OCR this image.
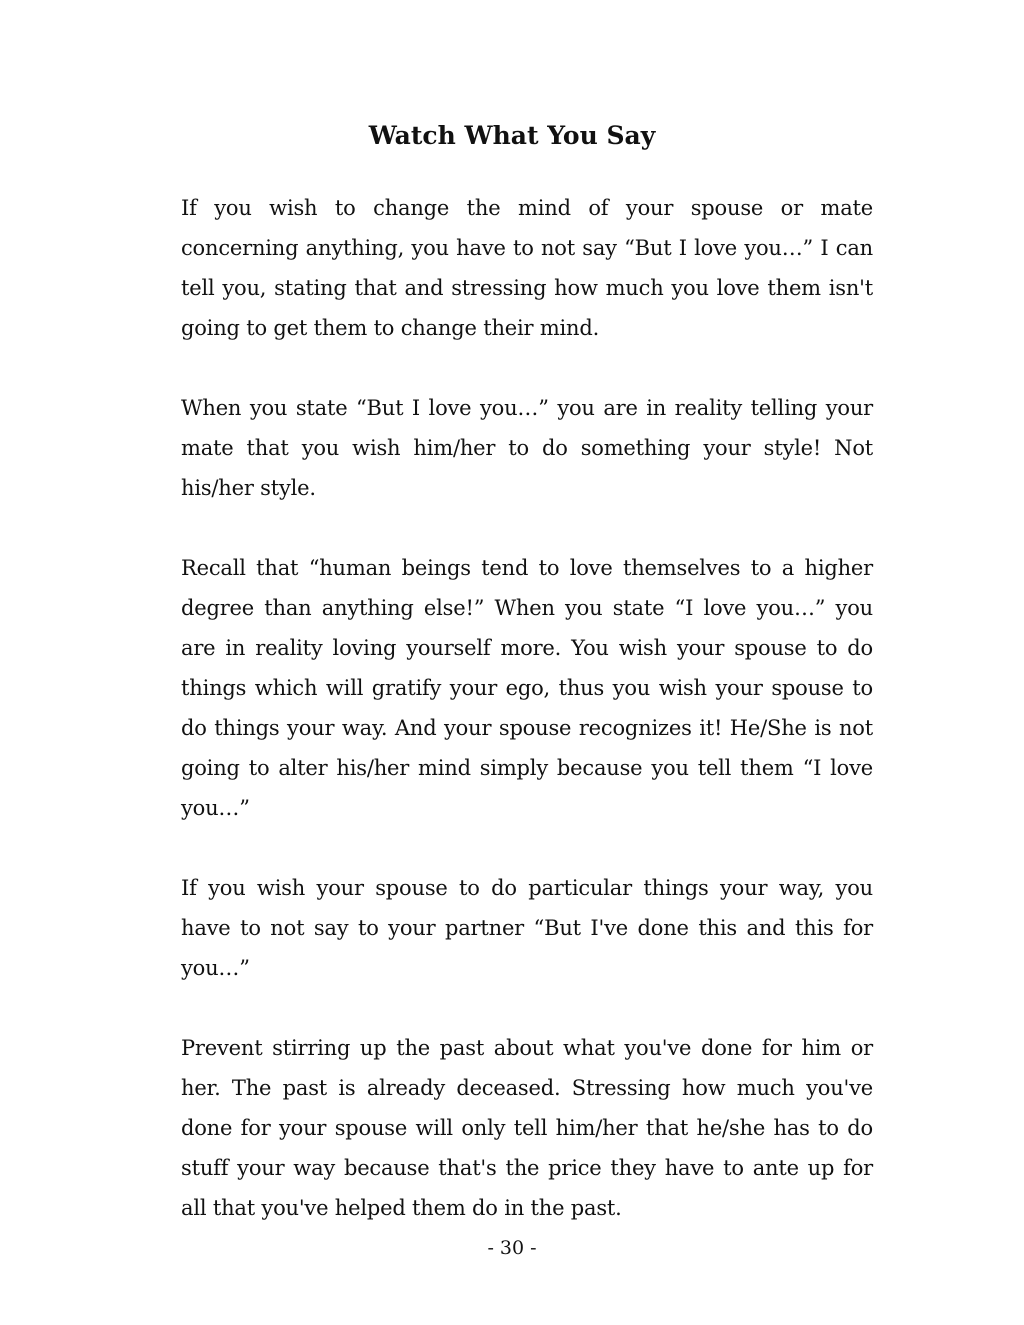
Watch What You Say

If you wish to change the mind of your spouse or mate concerning anything, you have to not say “But I love you…” I can tell you, stating that and stressing how much you love them isn't going to get them to change their mind.

When you state “But I love you…” you are in reality telling your mate that you wish him/her to do something your style! Not his/her style.

Recall that “human beings tend to love themselves to a higher degree than anything else!” When you state “I love you…” you are in reality loving yourself more. You wish your spouse to do things which will gratify your ego, thus you wish your spouse to do things your way. And your spouse recognizes it! He/She is not going to alter his/her mind simply because you tell them “I love you…”

If you wish your spouse to do particular things your way, you have to not say to your partner “But I've done this and this for you…”

Prevent stirring up the past about what you've done for him or her. The past is already deceased. Stressing how much you've done for your spouse will only tell him/her that he/she has to do stuff your way because that's the price they have to ante up for all that you've helped them do in the past.

- 30 -
